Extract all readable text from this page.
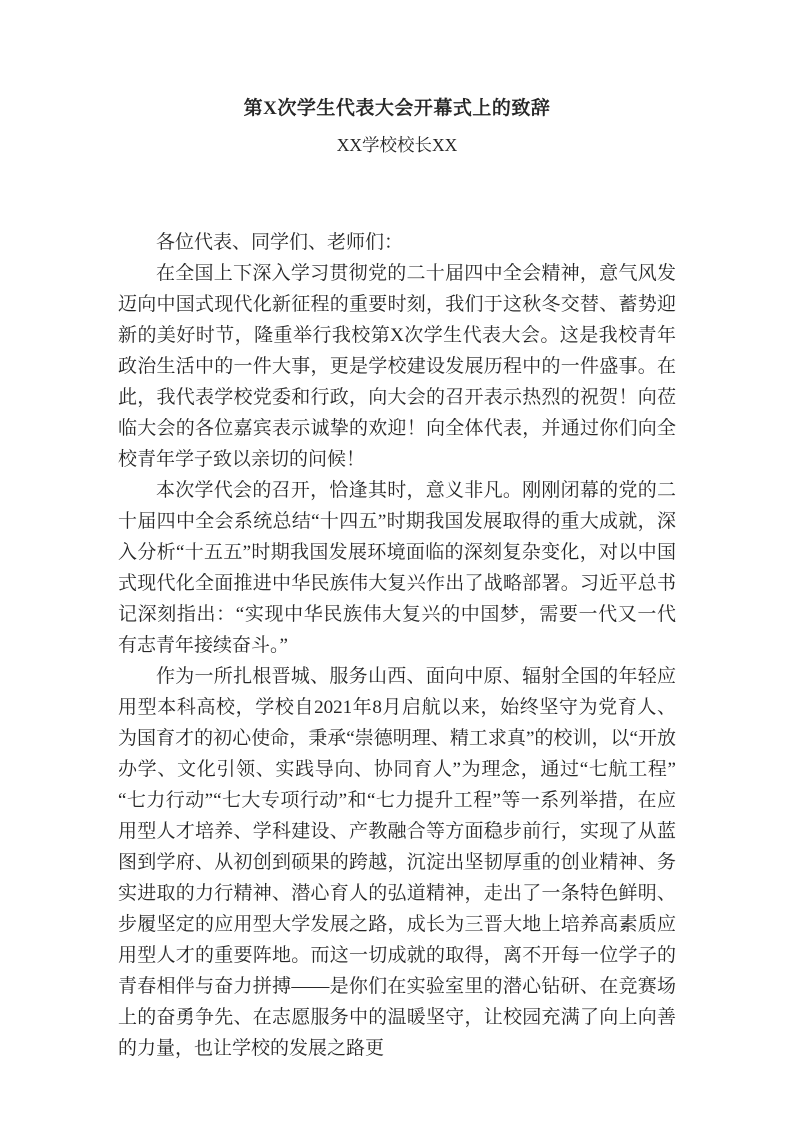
第X次学生代表大会开幕式上的致辞
XX学校校长XX

各位代表、同学们、老师们：

在全国上下深入学习贯彻党的二十届四中全会精神，意气风发迈向中国式现代化新征程的重要时刻，我们于这秋冬交替、蓄势迎新的美好时节，隆重举行我校第X次学生代表大会。这是我校青年政治生活中的一件大事，更是学校建设发展历程中的一件盛事。在此，我代表学校党委和行政，向大会的召开表示热烈的祝贺！向莅临大会的各位嘉宾表示诚挚的欢迎！向全体代表，并通过你们向全校青年学子致以亲切的问候！

本次学代会的召开，恰逢其时，意义非凡。刚刚闭幕的党的二十届四中全会系统总结“十四五”时期我国发展取得的重大成就，深入分析“十五五”时期我国发展环境面临的深刻复杂变化，对以中国式现代化全面推进中华民族伟大复兴作出了战略部署。习近平总书记深刻指出：“实现中华民族伟大复兴的中国梦，需要一代又一代有志青年接续奋斗。”

作为一所扎根晋城、服务山西、面向中原、辐射全国的年轻应用型本科高校，学校自2021年8月启航以来，始终坚守为党育人、为国育才的初心使命，秉承“崇德明理、精工求真”的校训，以“开放办学、文化引领、实践导向、协同育人”为理念，通过“七航工程”“七力行动”“七大专项行动”和“七力提升工程”等一系列举措，在应用型人才培养、学科建设、产教融合等方面稳步前行，实现了从蓝图到学府、从初创到硕果的跨越，沉淀出坚韧厚重的创业精神、务实进取的力行精神、潜心育人的弘道精神，走出了一条特色鲜明、步履坚定的应用型大学发展之路，成长为三晋大地上培养高素质应用型人才的重要阵地。而这一切成就的取得，离不开每一位学子的青春相伴与奋力拼搏——是你们在实验室里的潜心钻研、在竞赛场上的奋勇争先、在志愿服务中的温暖坚守，让校园充满了向上向善的力量，也让学校的发展之路更
